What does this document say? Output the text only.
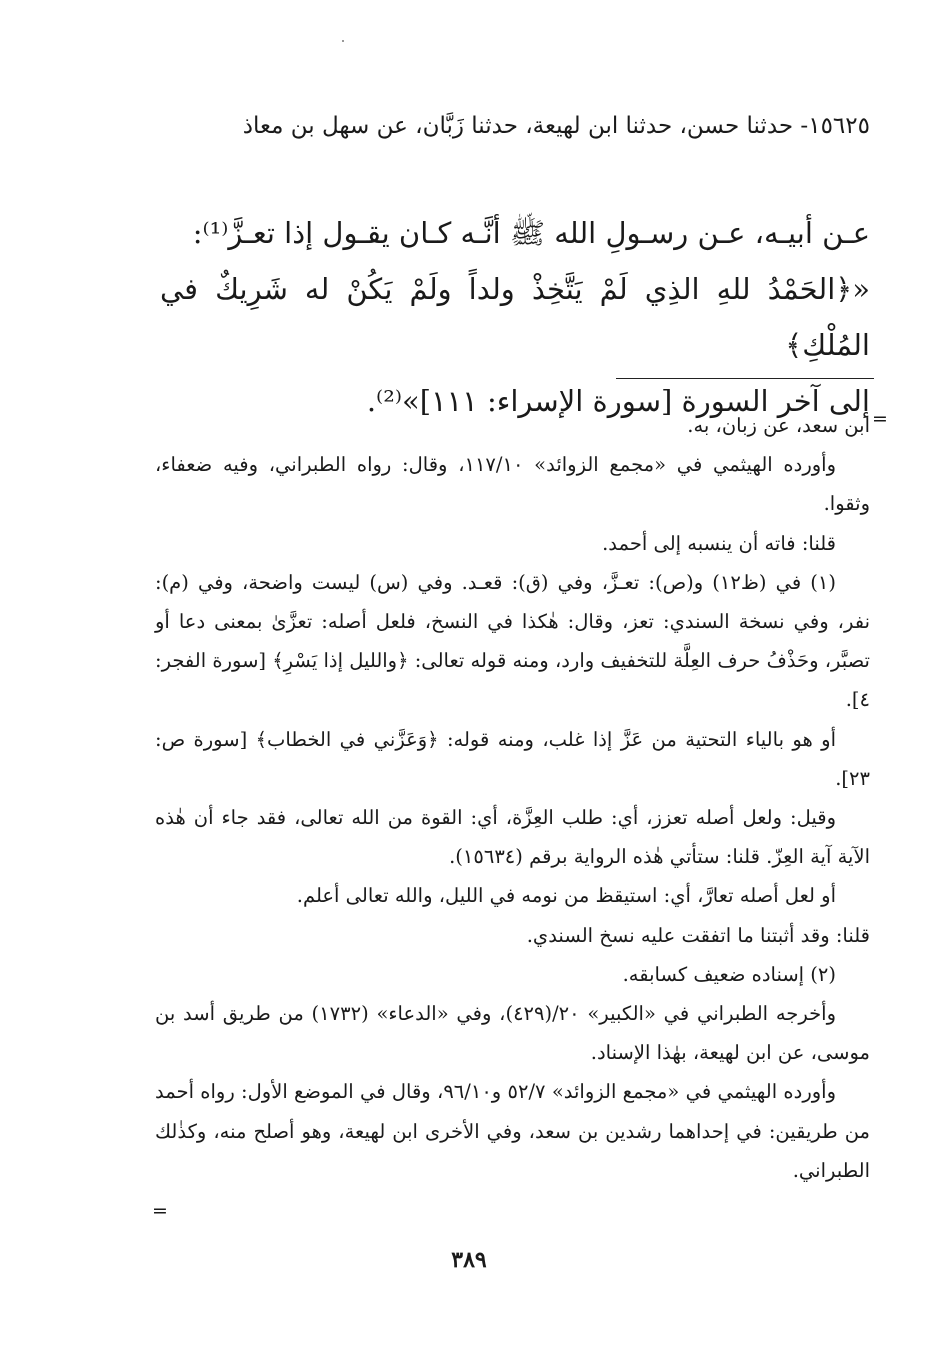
١٥٦٢٥- حدثنا حسن، حدثنا ابن لهيعة، حدثنا زَبَّان، عن سهل بن معاذ
عـن أبيـه، عـن رسـولِ الله ﷺ أنَّـه كـان يقـول إذا تعـزَّ⁽¹⁾:
«﴿الحَمْدُ للهِ الذِي لَمْ يَتَّخِذْ ولداً ولَمْ يَكُنْ له شَرِيكٌ في المُلْكِ﴾
إلى آخر السورة [سورة الإسراء: ١١١]»⁽²⁾.
=

ابن سعد، عن زبان، به.

وأورده الهيثمي في «مجمع الزوائد» ١١٧/١٠، وقال: رواه الطبراني، وفيه ضعفاء، وثقوا.

قلنا: فاته أن ينسبه إلى أحمد.

(١) في (ظ١٢) و(ص): تعـزَّ، وفي (ق): قعـد. وفي (س) ليست واضحة، وفي (م): نفر، وفي نسخة السندي: تعز، وقال: هٰكذا في النسخ، فلعل أصله: تعزَّىٰ بمعنى دعا أو تصبَّر، وحَذْفُ حرف العِلَّة للتخفيف وارد، ومنه قوله تعالى: ﴿والليل إذا يَسْرِ﴾ [سورة الفجر: ٤].

أو هو بالياء التحتية من عَزَّ إذا غلب، ومنه قوله: ﴿وَعَزَّني في الخطاب﴾ [سورة ص: ٢٣].

وقيل: ولعل أصله تعزز، أي: طلب العِزَّة، أي: القوة من الله تعالى، فقد جاء أن هٰذه الآية آية العِزّ. قلنا: ستأتي هٰذه الرواية برقم (١٥٦٣٤).

أو لعل أصله تعارَّ، أي: استيقظ من نومه في الليل، والله تعالى أعلم.

قلنا: وقد أثبتنا ما اتفقت عليه نسخ السندي.

(٢) إسناده ضعيف كسابقه.

وأخرجه الطبراني في «الكبير» ٢٠/(٤٢٩)، وفي «الدعاء» (١٧٣٢) من طريق أسد بن موسى، عن ابن لهيعة، بهٰذا الإسناد.

وأورده الهيثمي في «مجمع الزوائد» ٥٢/٧ و٩٦/١٠، وقال في الموضع الأول: رواه أحمد من طريقين: في إحداهما رشدين بن سعد، وفي الأخرى ابن لهيعة، وهو أصلح منه، وكذٰلك الطبراني.

=
٣٨٩
